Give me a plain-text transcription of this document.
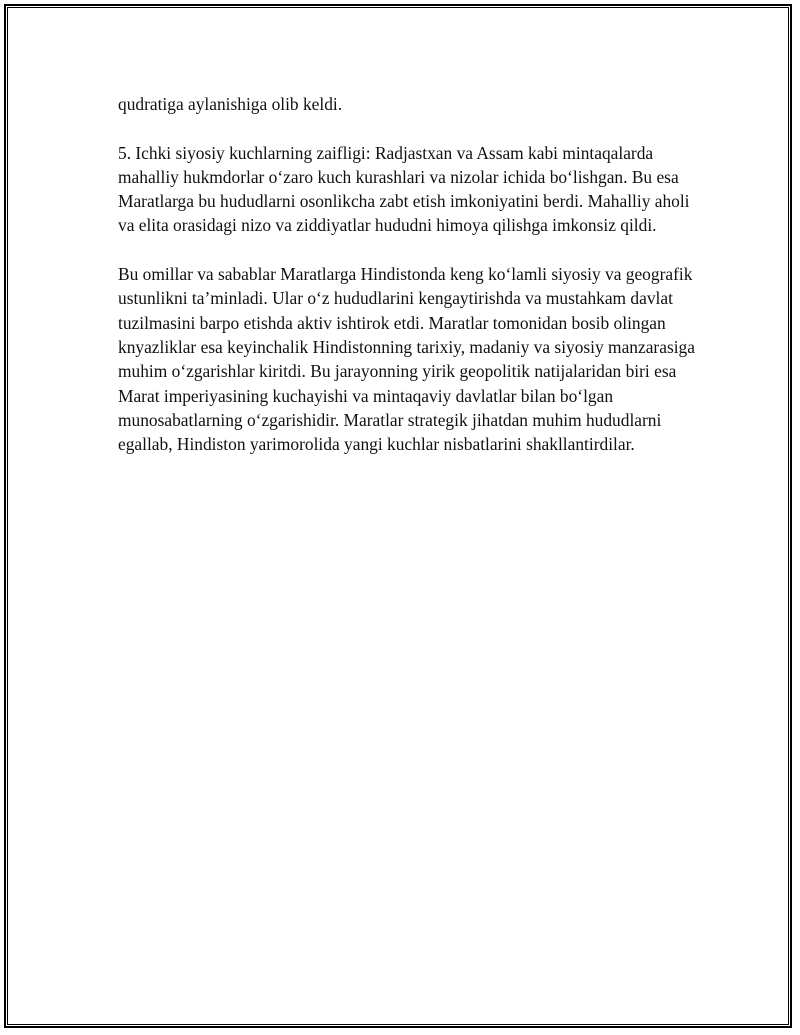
qudratiga aylanishiga olib keldi.

5. Ichki siyosiy kuchlarning zaifligi: Radjastxan va Assam kabi mintaqalarda mahalliy hukmdorlar o‘zaro kuch kurashlari va nizolar ichida bo‘lishgan. Bu esa Maratlarga bu hududlarni osonlikcha zabt etish imkoniyatini berdi. Mahalliy aholi va elita orasidagi nizo va ziddiyatlar hududni himoya qilishga imkonsiz qildi.

Bu omillar va sabablar Maratlarga Hindistonda keng ko‘lamli siyosiy va geografik ustunlikni ta’minladi. Ular o‘z hududlarini kengaytirishda va mustahkam davlat tuzilmasini barpo etishda aktiv ishtirok etdi. Maratlar tomonidan bosib olingan knyazliklar esa keyinchalik Hindistonning tarixiy, madaniy va siyosiy manzarasiga muhim o‘zgarishlar kiritdi. Bu jarayonning yirik geopolitik natijalaridan biri esa Marat imperiyasining kuchayishi va mintaqaviy davlatlar bilan bo‘lgan munosabatlarning o‘zgarishidir. Maratlar strategik jihatdan muhim hududlarni egallab, Hindiston yarimorolida yangi kuchlar nisbatlarini shakllantirdilar.
